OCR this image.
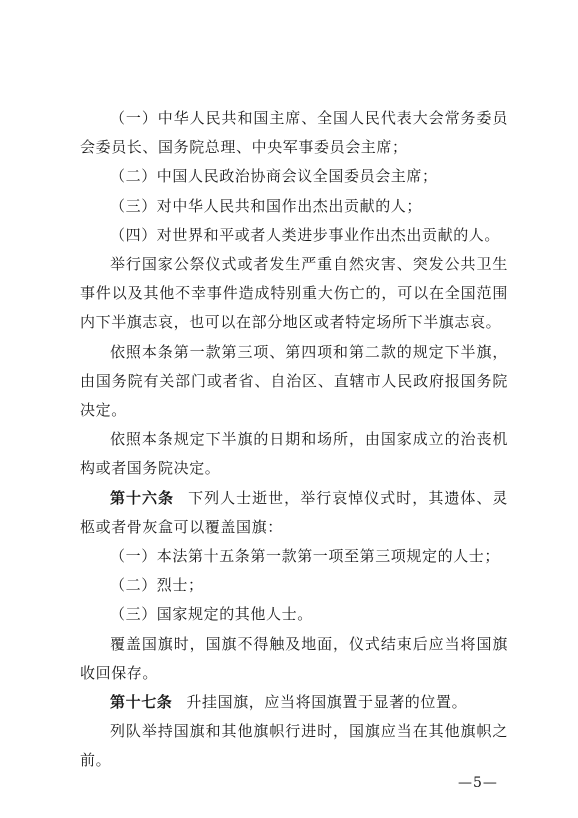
（一）中华人民共和国主席、全国人民代表大会常务委员会委员长、国务院总理、中央军事委员会主席；

（二）中国人民政治协商会议全国委员会主席；

（三）对中华人民共和国作出杰出贡献的人；

（四）对世界和平或者人类进步事业作出杰出贡献的人。

举行国家公祭仪式或者发生严重自然灾害、突发公共卫生事件以及其他不幸事件造成特别重大伤亡的，可以在全国范围内下半旗志哀，也可以在部分地区或者特定场所下半旗志哀。

依照本条第一款第三项、第四项和第二款的规定下半旗，由国务院有关部门或者省、自治区、直辖市人民政府报国务院决定。

依照本条规定下半旗的日期和场所，由国家成立的治丧机构或者国务院决定。

第十六条 下列人士逝世，举行哀悼仪式时，其遗体、灵柩或者骨灰盒可以覆盖国旗：

（一）本法第十五条第一款第一项至第三项规定的人士；

（二）烈士；

（三）国家规定的其他人士。

覆盖国旗时，国旗不得触及地面，仪式结束后应当将国旗收回保存。

第十七条 升挂国旗，应当将国旗置于显著的位置。

列队举持国旗和其他旗帜行进时，国旗应当在其他旗帜之前。

—5—
